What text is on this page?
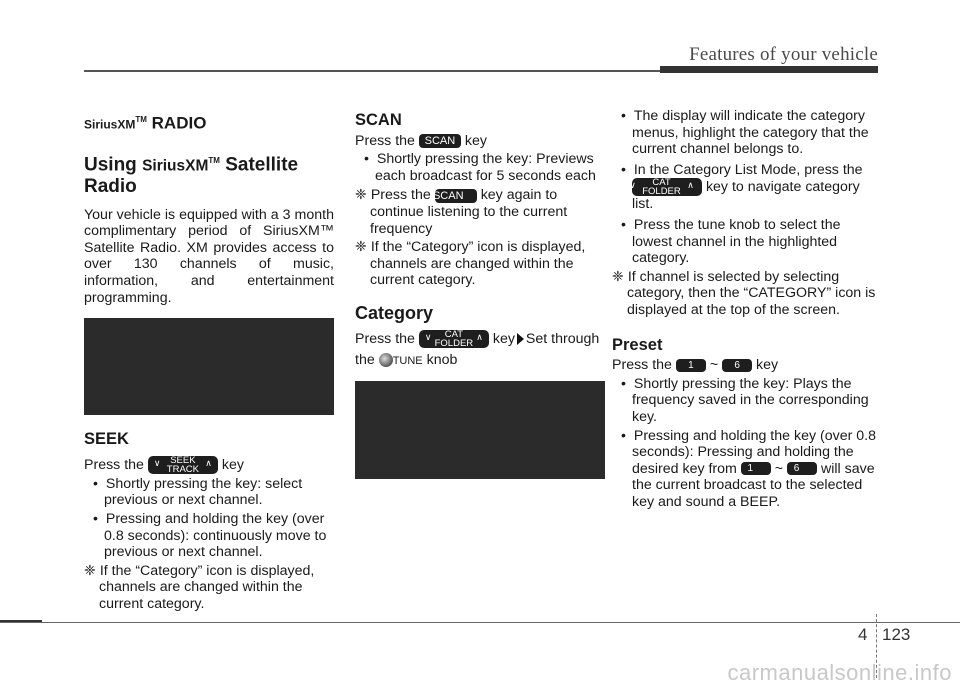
Features of your vehicle
SiriusXM™ RADIO
Using SiriusXM™ Satellite Radio

Your vehicle is equipped with a 3 month complimentary period of SiriusXM™ Satellite Radio. XM provides access to over 130 channels of music, information, and entertainment programming.

SEEK

Press the ∨	∧
SEEK
TRACK	key

•  Shortly pressing the key: select previous or next channel.

•  Pressing and holding the key (over 0.8 seconds): continuously move to previous or next channel.

❈ If the “Category” icon is displayed, channels are changed within the current category.

SCAN

Press the SCAN key

•  Shortly pressing the key: Previews each broadcast for 5 seconds each

❈ Press the SCAN key again to continue listening to the current frequency

❈ If the “Category” icon is displayed, channels are changed within the current category.

Category

Press the ∨	∧
CAT
FOLDER	key Set through

the TUNE knob

•  The display will indicate the category menus, highlight the category that the current channel belongs to.

•  In the Category List Mode, press the
∨	∧
CAT
FOLDER	key to navigate category list.

•  Press the tune knob to select the lowest channel in the highlighted category.

❈ If channel is selected by selecting category, then the “CATEGORY” icon is displayed at the top of the screen.

Preset

Press the 1 ~ 6 key

•  Shortly pressing the key: Plays the frequency saved in the corresponding key.

•  Pressing and holding the key (over 0.8 seconds): Pressing and holding the desired key from 1 ~ 6 will save the current broadcast to the selected key and sound a BEEP.

4 123
carmanualsonline.info
